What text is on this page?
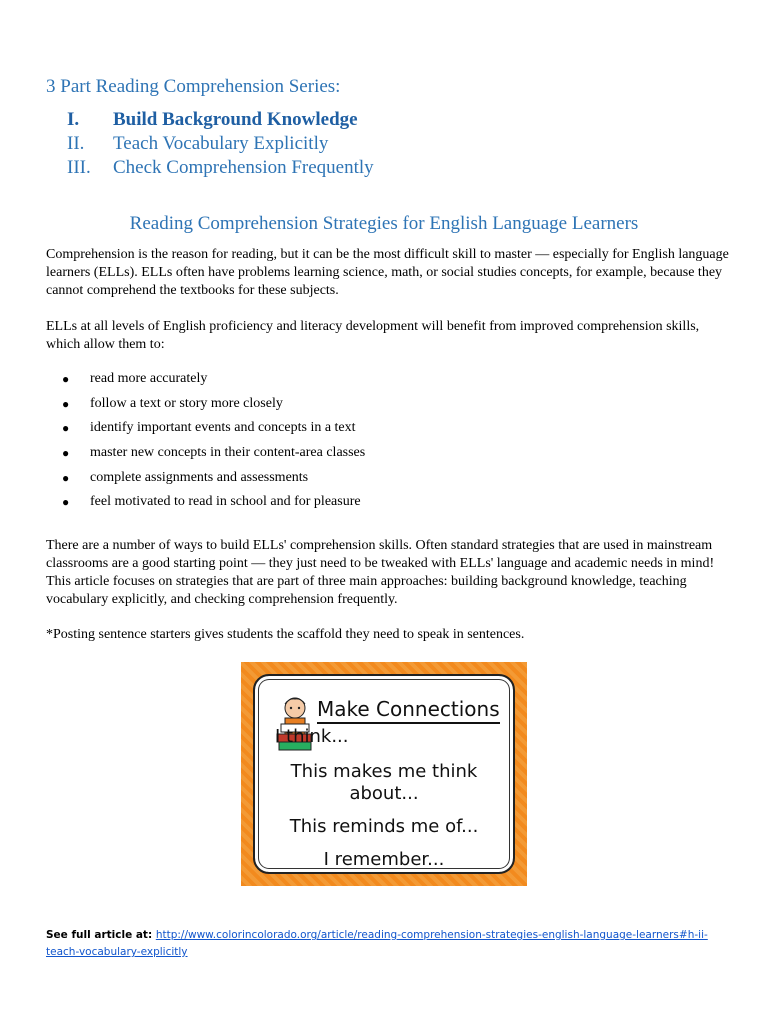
3 Part Reading Comprehension Series:
I.	Build Background Knowledge
II.	Teach Vocabulary Explicitly
III.	Check Comprehension Frequently
Reading Comprehension Strategies for English Language Learners

Comprehension is the reason for reading, but it can be the most difficult skill to master — especially for English language learners (ELLs). ELLs often have problems learning science, math, or social studies concepts, for example, because they cannot comprehend the textbooks for these subjects.

ELLs at all levels of English proficiency and literacy development will benefit from improved comprehension skills, which allow them to:

●	read more accurately
●	follow a text or story more closely
●	identify important events and concepts in a text
●	master new concepts in their content-area classes
●	complete assignments and assessments
●	feel motivated to read in school and for pleasure

There are a number of ways to build ELLs' comprehension skills. Often standard strategies that are used in mainstream classrooms are a good starting point — they just need to be tweaked with ELLs' language and academic needs in mind! This article focuses on strategies that are part of three main approaches: building background knowledge, teaching vocabulary explicitly, and checking comprehension frequently.

*Posting sentence starters gives students the scaffold they need to speak in sentences.

Make Connections
I think...
This makes me think
about...
This reminds me of...
I remember...
See full article at: http://www.colorincolorado.org/article/reading-comprehension-strategies-english-language-learners#h-ii-teach-vocabulary-explicitly
